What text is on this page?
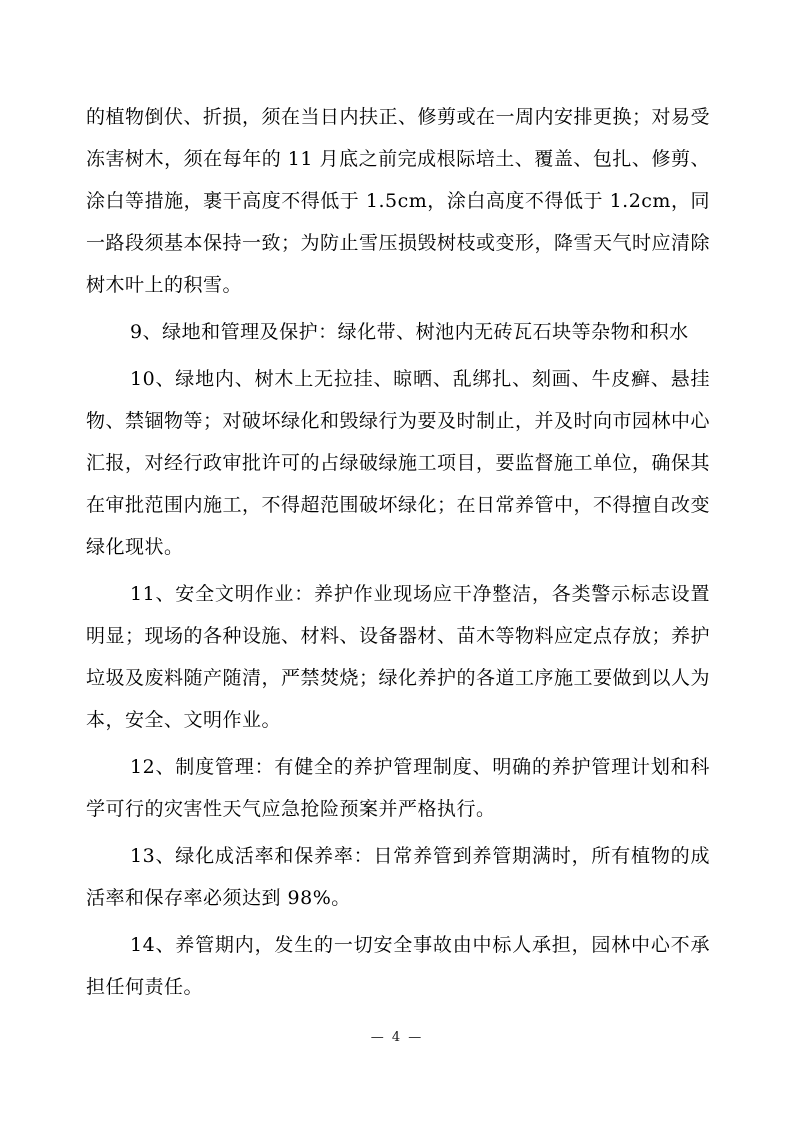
的植物倒伏、折损，须在当日内扶正、修剪或在一周内安排更换；对易受冻害树木，须在每年的 11 月底之前完成根际培土、覆盖、包扎、修剪、涂白等措施，裹干高度不得低于 1.5cm，涂白高度不得低于 1.2cm，同一路段须基本保持一致；为防止雪压损毁树枝或变形，降雪天气时应清除树木叶上的积雪。

9、绿地和管理及保护：绿化带、树池内无砖瓦石块等杂物和积水

10、绿地内、树木上无拉挂、晾晒、乱绑扎、刻画、牛皮癣、悬挂物、禁锢物等；对破坏绿化和毁绿行为要及时制止，并及时向市园林中心汇报，对经行政审批许可的占绿破绿施工项目，要监督施工单位，确保其在审批范围内施工，不得超范围破坏绿化；在日常养管中，不得擅自改变绿化现状。

11、安全文明作业：养护作业现场应干净整洁，各类警示标志设置明显；现场的各种设施、材料、设备器材、苗木等物料应定点存放；养护垃圾及废料随产随清，严禁焚烧；绿化养护的各道工序施工要做到以人为本，安全、文明作业。

12、制度管理：有健全的养护管理制度、明确的养护管理计划和科学可行的灾害性天气应急抢险预案并严格执行。

13、绿化成活率和保养率：日常养管到养管期满时，所有植物的成活率和保存率必须达到 98%。

14、养管期内，发生的一切安全事故由中标人承担，园林中心不承担任何责任。

— 4 —
